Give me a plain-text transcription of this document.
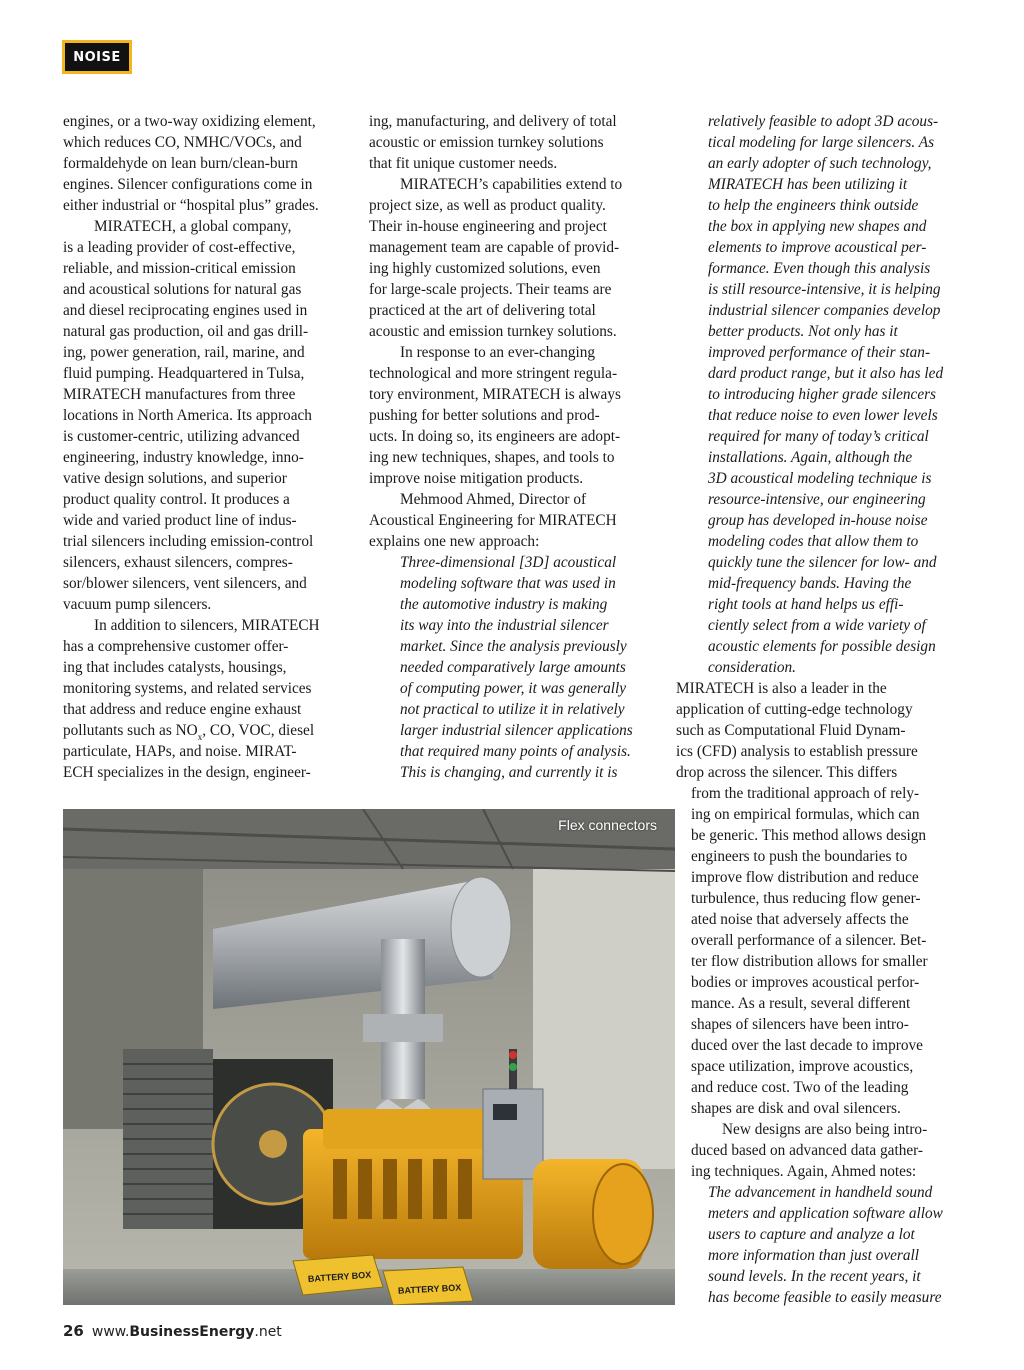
NOISE
engines, or a two-way oxidizing element,
which reduces CO, NMHC/VOCs, and
formaldehyde on lean burn/clean-burn
engines. Silencer configurations come in
either industrial or “hospital plus” grades.
MIRATECH, a global company,
is a leading provider of cost-effective,
reliable, and mission-critical emission
and acoustical solutions for natural gas
and diesel reciprocating engines used in
natural gas production, oil and gas drill-
ing, power generation, rail, marine, and
fluid pumping. Headquartered in Tulsa,
MIRATECH manufactures from three
locations in North America. Its approach
is customer-centric, utilizing advanced
engineering, industry knowledge, inno-
vative design solutions, and superior
product quality control. It produces a
wide and varied product line of indus-
trial silencers including emission-control
silencers, exhaust silencers, compres-
sor/blower silencers, vent silencers, and
vacuum pump silencers.
In addition to silencers, MIRATECH
has a comprehensive customer offer-
ing that includes catalysts, housings,
monitoring systems, and related services
that address and reduce engine exhaust
pollutants such as $NO_x$, CO, VOC, diesel
particulate, HAPs, and noise. MIRAT-
ECH specializes in the design, engineer-
ing, manufacturing, and delivery of total
acoustic or emission turnkey solutions
that fit unique customer needs.
MIRATECH’s capabilities extend to
project size, as well as product quality.
Their in-house engineering and project
management team are capable of provid-
ing highly customized solutions, even
for large-scale projects. Their teams are
practiced at the art of delivering total
acoustic and emission turnkey solutions.
In response to an ever-changing
technological and more stringent regula-
tory environment, MIRATECH is always
pushing for better solutions and prod-
ucts. In doing so, its engineers are adopt-
ing new techniques, shapes, and tools to
improve noise mitigation products.
Mehmood Ahmed, Director of
Acoustical Engineering for MIRATECH
explains one new approach:
Three-dimensional [3D] acoustical
modeling software that was used in
the automotive industry is making
its way into the industrial silencer
market. Since the analysis previously
needed comparatively large amounts
of computing power, it was generally
not practical to utilize it in relatively
larger industrial silencer applications
that required many points of analysis.
This is changing, and currently it is
relatively feasible to adopt 3D acous-
tical modeling for large silencers. As
an early adopter of such technology,
MIRATECH has been utilizing it
to help the engineers think outside
the box in applying new shapes and
elements to improve acoustical per-
formance. Even though this analysis
is still resource-intensive, it is helping
industrial silencer companies develop
better products. Not only has it
improved performance of their stan-
dard product range, but it also has led
to introducing higher grade silencers
that reduce noise to even lower levels
required for many of today’s critical
installations. Again, although the
3D acoustical modeling technique is
resource-intensive, our engineering
group has developed in-house noise
modeling codes that allow them to
quickly tune the silencer for low- and
mid-frequency bands. Having the
right tools at hand helps us effi-
ciently select from a wide variety of
acoustic elements for possible design
consideration.
MIRATECH is also a leader in the
application of cutting-edge technology
such as Computational Fluid Dynam-
ics (CFD) analysis to establish pressure
drop across the silencer. This differs
from the traditional approach of rely-
ing on empirical formulas, which can
be generic. This method allows design
engineers to push the boundaries to
improve flow distribution and reduce
turbulence, thus reducing flow gener-
ated noise that adversely affects the
overall performance of a silencer. Bet-
ter flow distribution allows for smaller
bodies or improves acoustical perfor-
mance. As a result, several different
shapes of silencers have been intro-
duced over the last decade to improve
space utilization, improve acoustics,
and reduce cost. Two of the leading
shapes are disk and oval silencers.
New designs are also being intro-
duced based on advanced data gather-
ing techniques. Again, Ahmed notes:
The advancement in handheld sound
meters and application software allow
users to capture and analyze a lot
more information than just overall
sound levels. In the recent years, it
has become feasible to easily measure
BATTERY BOX
BATTERY BOX
Flex connectors
26 www.BusinessEnergy.net
